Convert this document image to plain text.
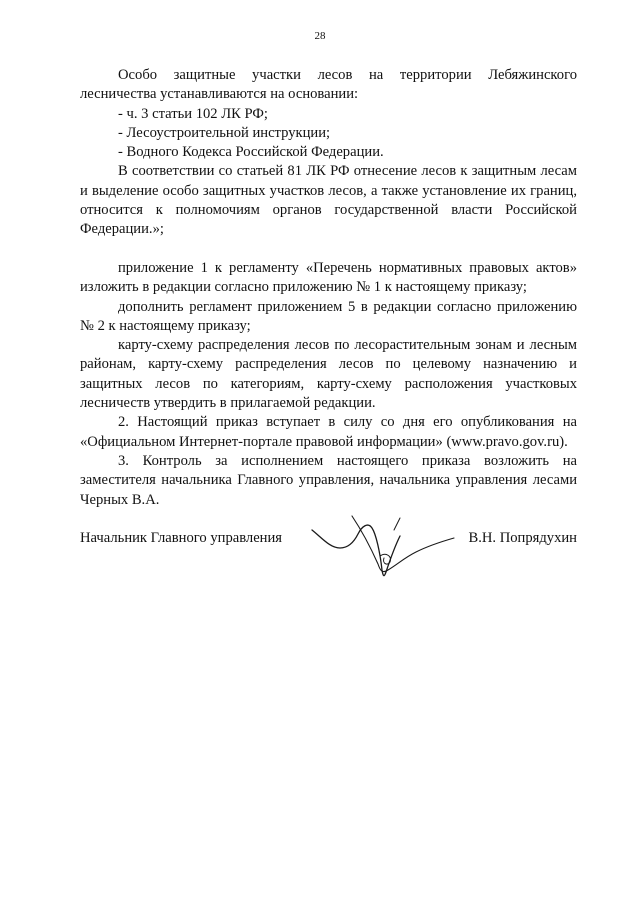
28

Особо защитные участки лесов на территории Лебяжинского лесничества устанавливаются на основании:

- ч. 3 статьи 102 ЛК РФ;

- Лесоустроительной инструкции;

- Водного Кодекса Российской Федерации.

В соответствии со статьей 81 ЛК РФ отнесение лесов к защитным лесам и выделение особо защитных участков лесов, а также установление их границ, относится к полномочиям органов государственной власти Российской Федерации.»;

приложение 1 к регламенту «Перечень нормативных правовых актов» изложить в редакции согласно приложению № 1 к настоящему приказу;

дополнить регламент приложением 5 в редакции согласно приложению № 2 к настоящему приказу;

карту-схему распределения лесов по лесорастительным зонам и лесным районам, карту-схему распределения лесов по целевому назначению и защитных лесов по категориям, карту-схему расположения участковых лесничеств утвердить в прилагаемой редакции.

2. Настоящий приказ вступает в силу со дня его опубликования на «Официальном Интернет-портале правовой информации» (www.pravo.gov.ru).

3. Контроль за исполнением настоящего приказа возложить на заместителя начальника Главного управления, начальника управления лесами Черных В.А.

Начальник Главного управления	В.Н. Попрядухин
